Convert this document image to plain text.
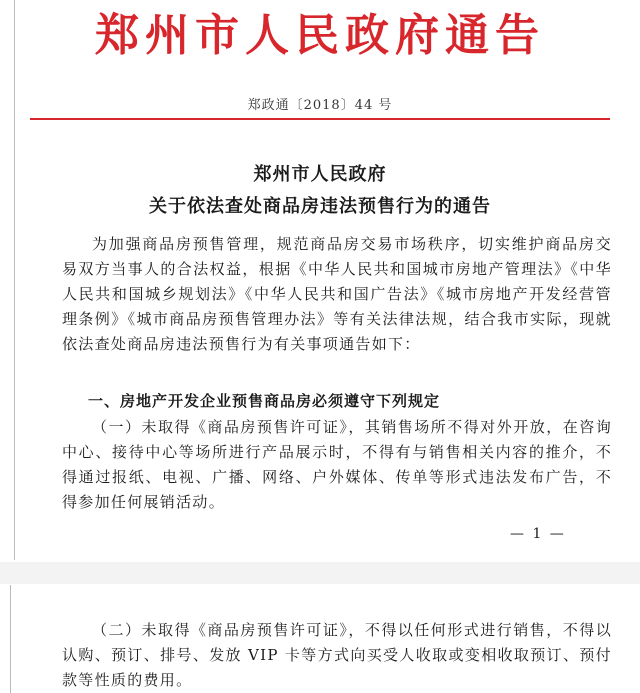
郑州市人民政府通告
郑政通〔2018〕44 号
郑州市人民政府
关于依法查处商品房违法预售行为的通告
为加强商品房预售管理，规范商品房交易市场秩序，切实维护商品房交易双方当事人的合法权益，根据《中华人民共和国城市房地产管理法》《中华人民共和国城乡规划法》《中华人民共和国广告法》《城市房地产开发经营管理条例》《城市商品房预售管理办法》等有关法律法规，结合我市实际，现就依法查处商品房违法预售行为有关事项通告如下：
一、房地产开发企业预售商品房必须遵守下列规定
（一）未取得《商品房预售许可证》，其销售场所不得对外开放，在咨询中心、接待中心等场所进行产品展示时，不得有与销售相关内容的推介，不得通过报纸、电视、广播、网络、户外媒体、传单等形式违法发布广告，不得参加任何展销活动。
— 1 —
（二）未取得《商品房预售许可证》，不得以任何形式进行销售，不得以认购、预订、排号、发放 VIP 卡等方式向买受人收取或变相收取预订、预付款等性质的费用。
